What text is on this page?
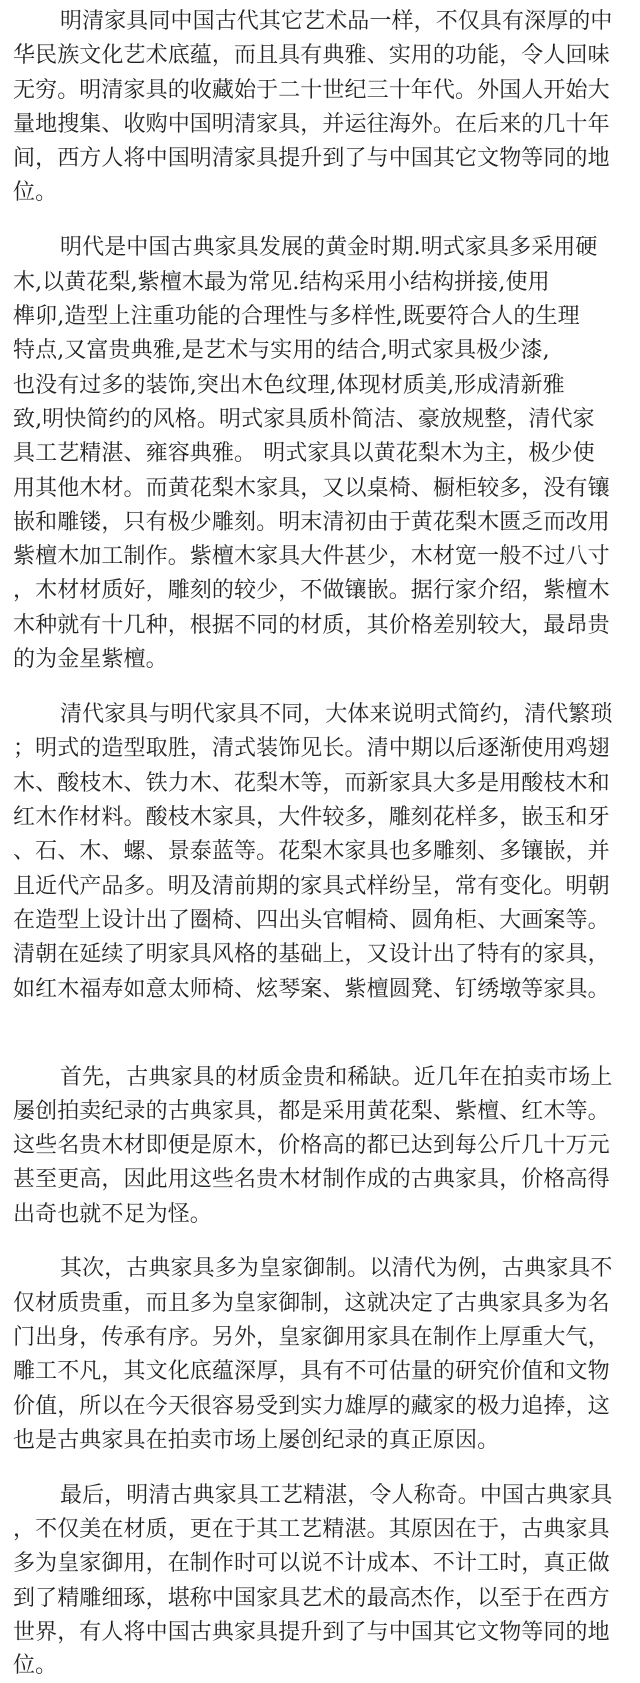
明清家具同中国古代其它艺术品一样，不仅具有深厚的中
华民族文化艺术底蕴，而且具有典雅、实用的功能，令人回味
无穷。明清家具的收藏始于二十世纪三十年代。外国人开始大
量地搜集、收购中国明清家具，并运往海外。在后来的几十年
间，西方人将中国明清家具提升到了与中国其它文物等同的地
位。
明代是中国古典家具发展的黄金时期.明式家具多采用硬
木,以黄花梨,紫檀木最为常见.结构采用小结构拼接,使用
榫卯,造型上注重功能的合理性与多样性,既要符合人的生理
特点,又富贵典雅,是艺术与实用的结合,明式家具极少漆,
也没有过多的装饰,突出木色纹理,体现材质美,形成清新雅
致,明快简约的风格。明式家具质朴简洁、豪放规整，清代家
具工艺精湛、雍容典雅。 明式家具以黄花梨木为主，极少使
用其他木材。而黄花梨木家具，又以桌椅、橱柜较多，没有镶
嵌和雕镂，只有极少雕刻。明末清初由于黄花梨木匮乏而改用
紫檀木加工制作。紫檀木家具大件甚少，木材宽一般不过八寸
，木材材质好，雕刻的较少，不做镶嵌。据行家介绍，紫檀木
木种就有十几种，根据不同的材质，其价格差别较大，最昂贵
的为金星紫檀。
清代家具与明代家具不同，大体来说明式简约，清代繁琐
；明式的造型取胜，清式装饰见长。清中期以后逐渐使用鸡翅
木、酸枝木、铁力木、花梨木等，而新家具大多是用酸枝木和
红木作材料。酸枝木家具，大件较多，雕刻花样多，嵌玉和牙
、石、木、螺、景泰蓝等。花梨木家具也多雕刻、多镶嵌，并
且近代产品多。明及清前期的家具式样纷呈，常有变化。明朝
在造型上设计出了圈椅、四出头官帽椅、圆角柜、大画案等。
清朝在延续了明家具风格的基础上，又设计出了特有的家具，
如红木福寿如意太师椅、炫琴案、紫檀圆凳、钉绣墩等家具。
首先，古典家具的材质金贵和稀缺。近几年在拍卖市场上
屡创拍卖纪录的古典家具，都是采用黄花梨、紫檀、红木等。
这些名贵木材即便是原木，价格高的都已达到每公斤几十万元
甚至更高，因此用这些名贵木材制作成的古典家具，价格高得
出奇也就不足为怪。
其次，古典家具多为皇家御制。以清代为例，古典家具不
仅材质贵重，而且多为皇家御制，这就决定了古典家具多为名
门出身，传承有序。另外，皇家御用家具在制作上厚重大气，
雕工不凡，其文化底蕴深厚，具有不可估量的研究价值和文物
价值，所以在今天很容易受到实力雄厚的藏家的极力追捧，这
也是古典家具在拍卖市场上屡创纪录的真正原因。
最后，明清古典家具工艺精湛，令人称奇。中国古典家具
，不仅美在材质，更在于其工艺精湛。其原因在于，古典家具
多为皇家御用，在制作时可以说不计成本、不计工时，真正做
到了精雕细琢，堪称中国家具艺术的最高杰作，以至于在西方
世界，有人将中国古典家具提升到了与中国其它文物等同的地
位。
